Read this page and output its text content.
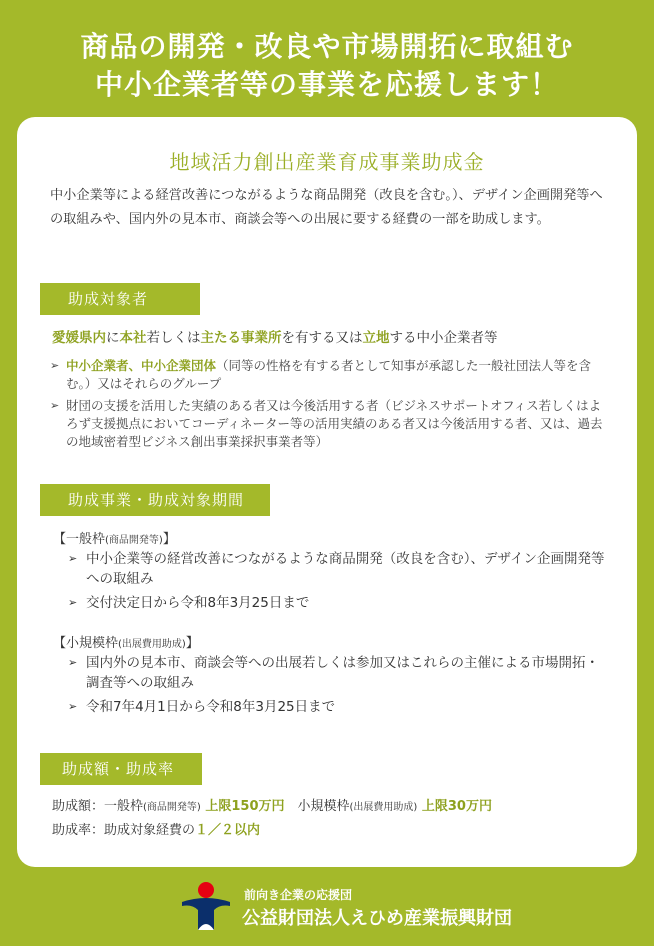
商品の開発・改良や市場開拓に取組む
中小企業者等の事業を応援します！
地域活力創出産業育成事業助成金
中小企業等による経営改善につながるような商品開発（改良を含む。）、デザイン企画開発等への取組みや、国内外の見本市、商談会等への出展に要する経費の一部を助成します。
助成対象者
愛媛県内に本社若しくは主たる事業所を有する又は立地する中小企業者等
➢ 中小企業者、中小企業団体（同等の性格を有する者として知事が承認した一般社団法人等を含む。）又はそれらのグループ
➢ 財団の支援を活用した実績のある者又は今後活用する者（ビジネスサポートオフィス若しくはよろず支援拠点においてコーディネーター等の活用実績のある者又は今後活用する者、又は、過去の地域密着型ビジネス創出事業採択事業者等）
助成事業・助成対象期間
【一般枠(商品開発等)】
➢ 中小企業等の経営改善につながるような商品開発（改良を含む）、デザイン企画開発等への取組み
➢ 交付決定日から令和8年3月25日まで
【小規模枠(出展費用助成)】
➢ 国内外の見本市、商談会等への出展若しくは参加又はこれらの主催による市場開拓・調査等への取組み
➢ 令和7年4月1日から令和8年3月25日まで
助成額・助成率
助成額：一般枠(商品開発等) 上限150万円　小規模枠(出展費用助成) 上限30万円
助成率：助成対象経費の１／２以内
前向き企業の応援団
公益財団法人えひめ産業振興財団
